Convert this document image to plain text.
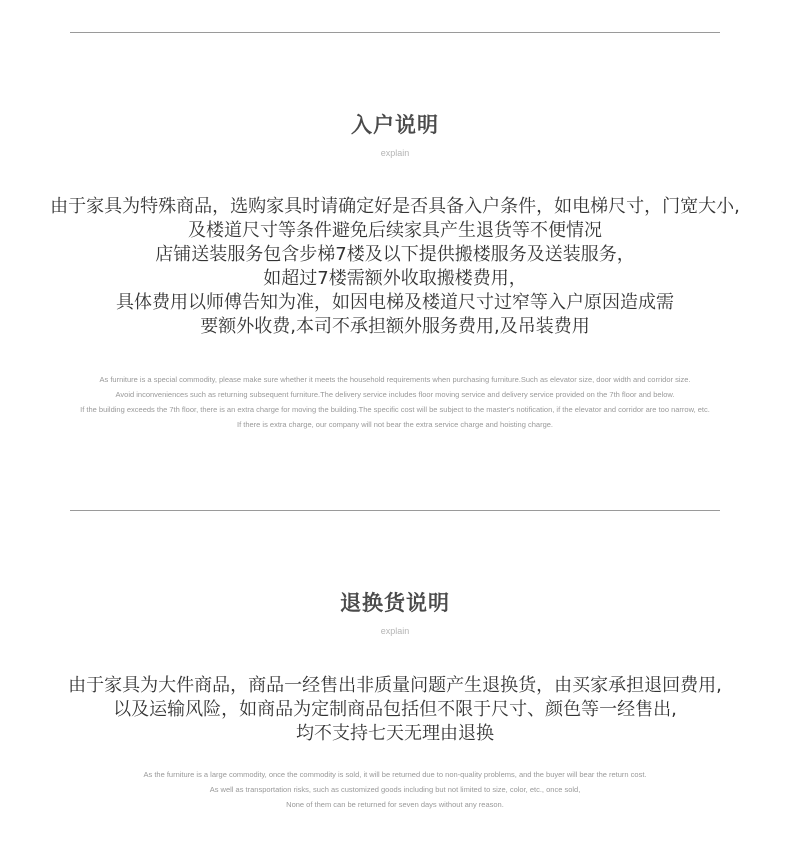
入户说明
explain
由于家具为特殊商品，选购家具时请确定好是否具备入户条件，如电梯尺寸，门宽大小,
及楼道尺寸等条件避免后续家具产生退货等不便情况
店铺送装服务包含步梯7楼及以下提供搬楼服务及送装服务，
如超过7楼需额外收取搬楼费用，
具体费用以师傅告知为准，如因电梯及楼道尺寸过窄等入户原因造成需
要额外收费,本司不承担额外服务费用,及吊装费用
As furniture is a special commodity, please make sure whether it meets the household requirements when purchasing furniture.Such as elevator size, door width and corridor size.
Avoid inconveniences such as returning subsequent furniture.The delivery service includes floor moving service and delivery service provided on the 7th floor and below.
If the building exceeds the 7th floor, there is an extra charge for moving the building.The specific cost will be subject to the master's notification, if the elevator and corridor are too narrow, etc.
If there is extra charge, our company will not bear the extra service charge and hoisting charge.
退换货说明
explain
由于家具为大件商品，商品一经售出非质量问题产生退换货，由买家承担退回费用,
以及运输风险，如商品为定制商品包括但不限于尺寸、颜色等一经售出,
均不支持七天无理由退换
As the furniture is a large commodity, once the commodity is sold, it will be returned due to non-quality problems, and the buyer will bear the return cost.
As well as transportation risks, such as customized goods including but not limited to size, color, etc., once sold,
None of them can be returned for seven days without any reason.
